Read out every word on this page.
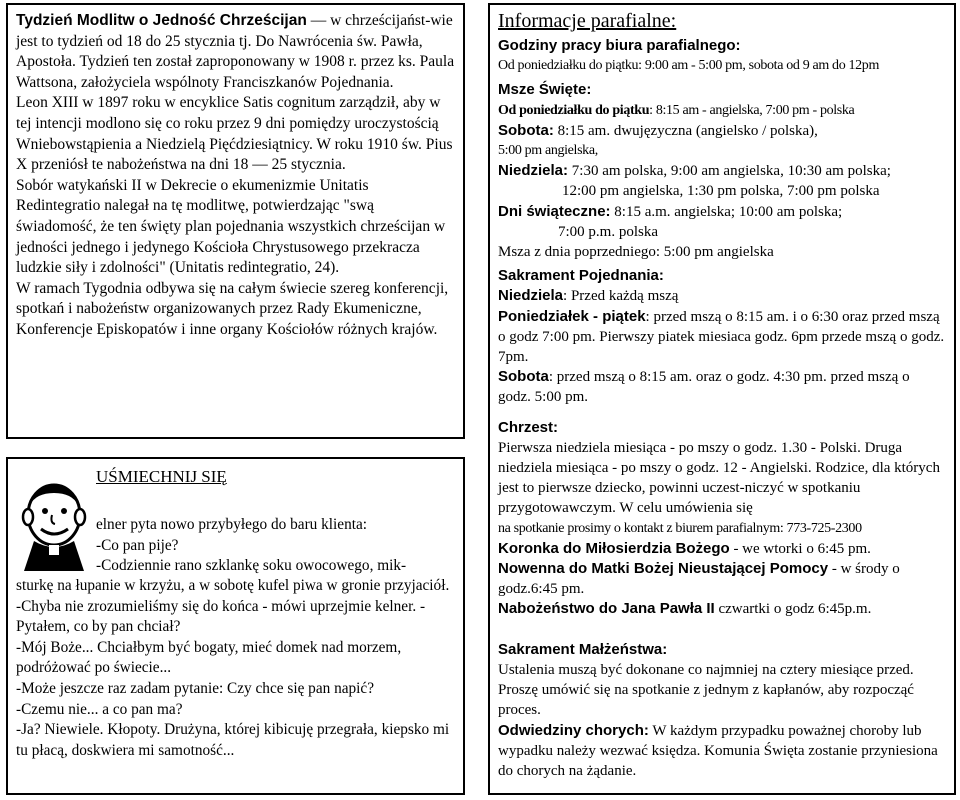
Tydzień Modlitw o Jedność Chrześcijan — w chrześcijańst-wie jest to tydzień od 18 do 25 stycznia tj. Do Nawrócenia św. Pawła, Apostoła. Tydzień ten został zaproponowany w 1908 r. przez ks. Paula Wattsona, założyciela wspólnoty Franciszkanów Pojednania.

Leon XIII w 1897 roku w encyklice Satis cognitum zarządził, aby w tej intencji modlono się co roku przez 9 dni pomiędzy uroczystością Wniebowstąpienia a Niedzielą Pięćdziesiątnicy. W roku 1910 św. Pius X przeniósł te nabożeństwa na dni 18 — 25 stycznia.

Sobór watykański II w Dekrecie o ekumenizmie Unitatis Redintegratio nalegał na tę modlitwę, potwierdzając "swą świadomość, że ten święty plan pojednania wszystkich chrześcijan w jedności jednego i jedynego Kościoła Chrystusowego przekracza ludzkie siły i zdolności" (Unitatis redintegratio, 24).

W ramach Tygodnia odbywa się na całym świecie szereg konferencji, spotkań i nabożeństw organizowanych przez Rady Ekumeniczne, Konferencje Episkopatów i inne organy Kościołów różnych krajów.

UŚMIECHNIJ SIĘ

elner pyta nowo przybyłego do baru klienta:

-Co pan pije?

-Codziennie rano szklankę soku owocowego, mik-

sturkę na łupanie w krzyżu, a w sobotę kufel piwa w gronie przyjaciół.
-Chyba nie zrozumieliśmy się do końca - mówi uprzejmie kelner. - Pytałem, co by pan chciał?
-Mój Boże... Chciałbym być bogaty, mieć domek nad morzem, podróżować po świecie...
-Może jeszcze raz zadam pytanie: Czy chce się pan napić?
-Czemu nie... a co pan ma?
-Ja? Niewiele. Kłopoty. Drużyna, której kibicuję przegrała, kiepsko mi tu płacą, doskwiera mi samotność...

Informacje parafialne:

Godziny pracy biura parafialnego:

Od poniedziałku do piątku: 9:00 am - 5:00 pm, sobota od 9 am do 12pm

Msze Święte:

Od poniedziałku do piątku: 8:15 am - angielska, 7:00 pm - polska

Sobota: 8:15 am. dwujęzyczna (angielsko / polska),

5:00 pm angielska,

Niedziela: 7:30 am polska, 9:00 am angielska, 10:30 am polska;

12:00 pm angielska, 1:30 pm polska, 7:00 pm polska

Dni świąteczne: 8:15 a.m. angielska; 10:00 am polska;

7:00 p.m. polska

Msza z dnia poprzedniego: 5:00 pm angielska

Sakrament Pojednania:

Niedziela: Przed każdą mszą

Poniedziałek - piątek: przed mszą o 8:15 am. i o 6:30 oraz przed mszą o godz 7:00 pm. Pierwszy piatek miesiaca godz. 6pm przede mszą o godz. 7pm.

Sobota: przed mszą o 8:15 am. oraz o godz. 4:30 pm. przed mszą o godz. 5:00 pm.

Chrzest:

Pierwsza niedziela miesiąca - po mszy o godz. 1.30 - Polski. Druga niedziela miesiąca - po mszy o godz. 12 - Angielski. Rodzice, dla których jest to pierwsze dziecko, powinni uczest-niczyć w spotkaniu przygotowawczym. W celu umówienia się

na spotkanie prosimy o kontakt z biurem parafialnym: 773-725-2300

Koronka do Miłosierdzia Bożego - we wtorki o 6:45 pm.

Nowenna do Matki Bożej Nieustającej Pomocy - w środy o godz.6:45 pm.

Nabożeństwo do Jana Pawła II czwartki o godz 6:45p.m.

Sakrament Małżeństwa:

Ustalenia muszą być dokonane co najmniej na cztery miesiące przed. Proszę umówić się na spotkanie z jednym z kapłanów, aby rozpocząć proces.

Odwiedziny chorych: W każdym przypadku poważnej choroby lub wypadku należy wezwać księdza. Komunia Święta zostanie przyniesiona do chorych na żądanie.
